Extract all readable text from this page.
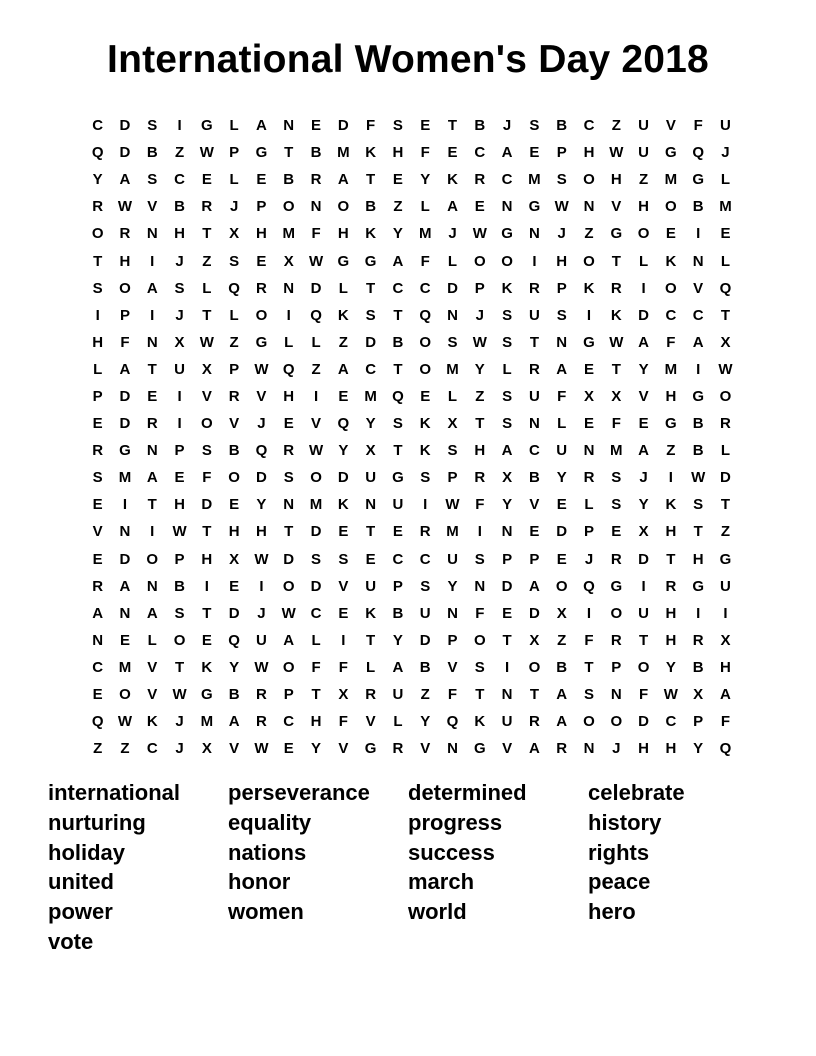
International Women's Day 2018
C	D	S	I	G	L	A	N	E	D	F	S	E	T	B	J	S	B	C	Z	U	V	F	U
Q	D	B	Z	W	P	G	T	B	M	K	H	F	E	C	A	E	P	H W U	G	Q	J
Y	A	S	C	E	L	E	B	R	A	T	E	Y	K	R	C	M	S	O	H	Z	M	G	L
R W	V	B	R	J	P	O	N	O	B	Z	L	A	E	N	G W N	V	H	O	B	M
O	R	N	H	T	X	H	M	F	H	K	Y	M	J	W G	N	J	Z	G	O	E	I	E
T	H	I	J	Z	S	E	X	W G	G	A	F	L	O	O	I	H	O	T	L	K	N	L
S	O	A	S	L	Q	R	N	D	L	T	C	C	D	P	K	R	P	K	R	I	O	V	Q
I	P	I	J	T	L	O	I	Q	K	S	T	Q	N	J	S	U	S	I	K	D	C	C	T
H	F	N	X	W	Z	G	L	L	Z	D	B	O	S	W	S	T	N	G W A	F	A	X
L	A	T	U	X	P	W Q	Z	A	C	T	O	M	Y	L	R	A	E	T	Y	M	I	W
P	D	E	I	V	R	V	H	I	E	M	Q	E	L	Z	S	U	F	X	X	V	H	G	O
E	D	R	I	O	V	J	E	V	Q	Y	S	K	X	T	S	N	L	E	F	E	G	B	R
R	G	N	P	S	B	Q	R W	Y	X	T	K	S	H	A	C	U	N	M	A	Z	B	L
S	M	A	E	F	O	D	S	O	D	U	G	S	P	R	X	B	Y	R	S	J	I	W D
E	I	T	H	D	E	Y	N	M	K	N	U	I	W	F	Y	V	E	L	S	Y	K	S	T
V	N	I	W	T	H	H	T	D	E	T	E	R	M	I	N	E	D	P	E	X	H	T	Z
E	D	O	P	H	X	W D	S	S	E	C	C	U	S	P	P	E	J	R	D	T	H	G
R	A	N	B	I	E	I	O	D	V	U	P	S	Y	N	D	A	O	Q	G	I	R	G	U
A	N	A	S	T	D	J	W C	E	K	B	U	N	F	E	D	X	I	O	U	H	I	I
N	E	L	O	E	Q	U	A	L	I	T	Y	D	P	O	T	X	Z	F	R	T	H	R	X
C	M	V	T	K	Y	W O	F	F	L	A	B	V	S	I	O	B	T	P	O	Y	B	H
E	O	V	W G	B	R	P	T	X	R	U	Z	F	T	N	T	A	S	N	F	W	X	A
Q W K	J	M	A	R	C	H	F	V	L	Y	Q	K	U	R	A	O	O	D	C	P	F
Z	Z	C	J	X	V	W	E	Y	V	G	R	V	N	G	V	A	R	N	J	H	H	Y	Q
international	perseverance	determined	celebrate
nurturing	equality	progress	history
holiday	nations	success	rights
united	honor	march	peace
power	women	world	hero
vote
